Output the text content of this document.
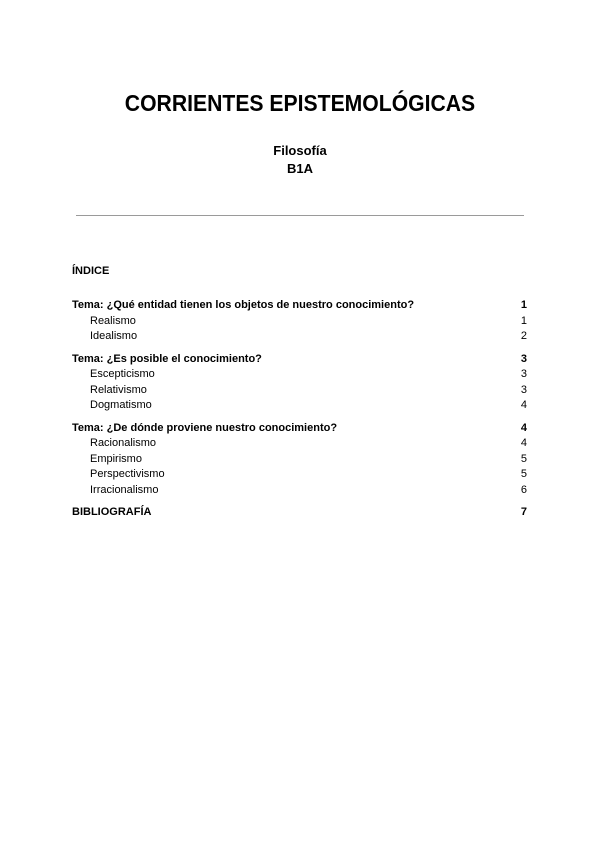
CORRIENTES EPISTEMOLÓGICAS
Filosofía
B1A
ÍNDICE
Tema: ¿Qué entidad tienen los objetos de nuestro conocimiento?	1
Realismo	1
Idealismo	2
Tema: ¿Es posible el conocimiento?	3
Escepticismo	3
Relativismo	3
Dogmatismo	4
Tema: ¿De dónde proviene nuestro conocimiento?	4
Racionalismo	4
Empirismo	5
Perspectivismo	5
Irracionalismo	6
BIBLIOGRAFÍA	7
